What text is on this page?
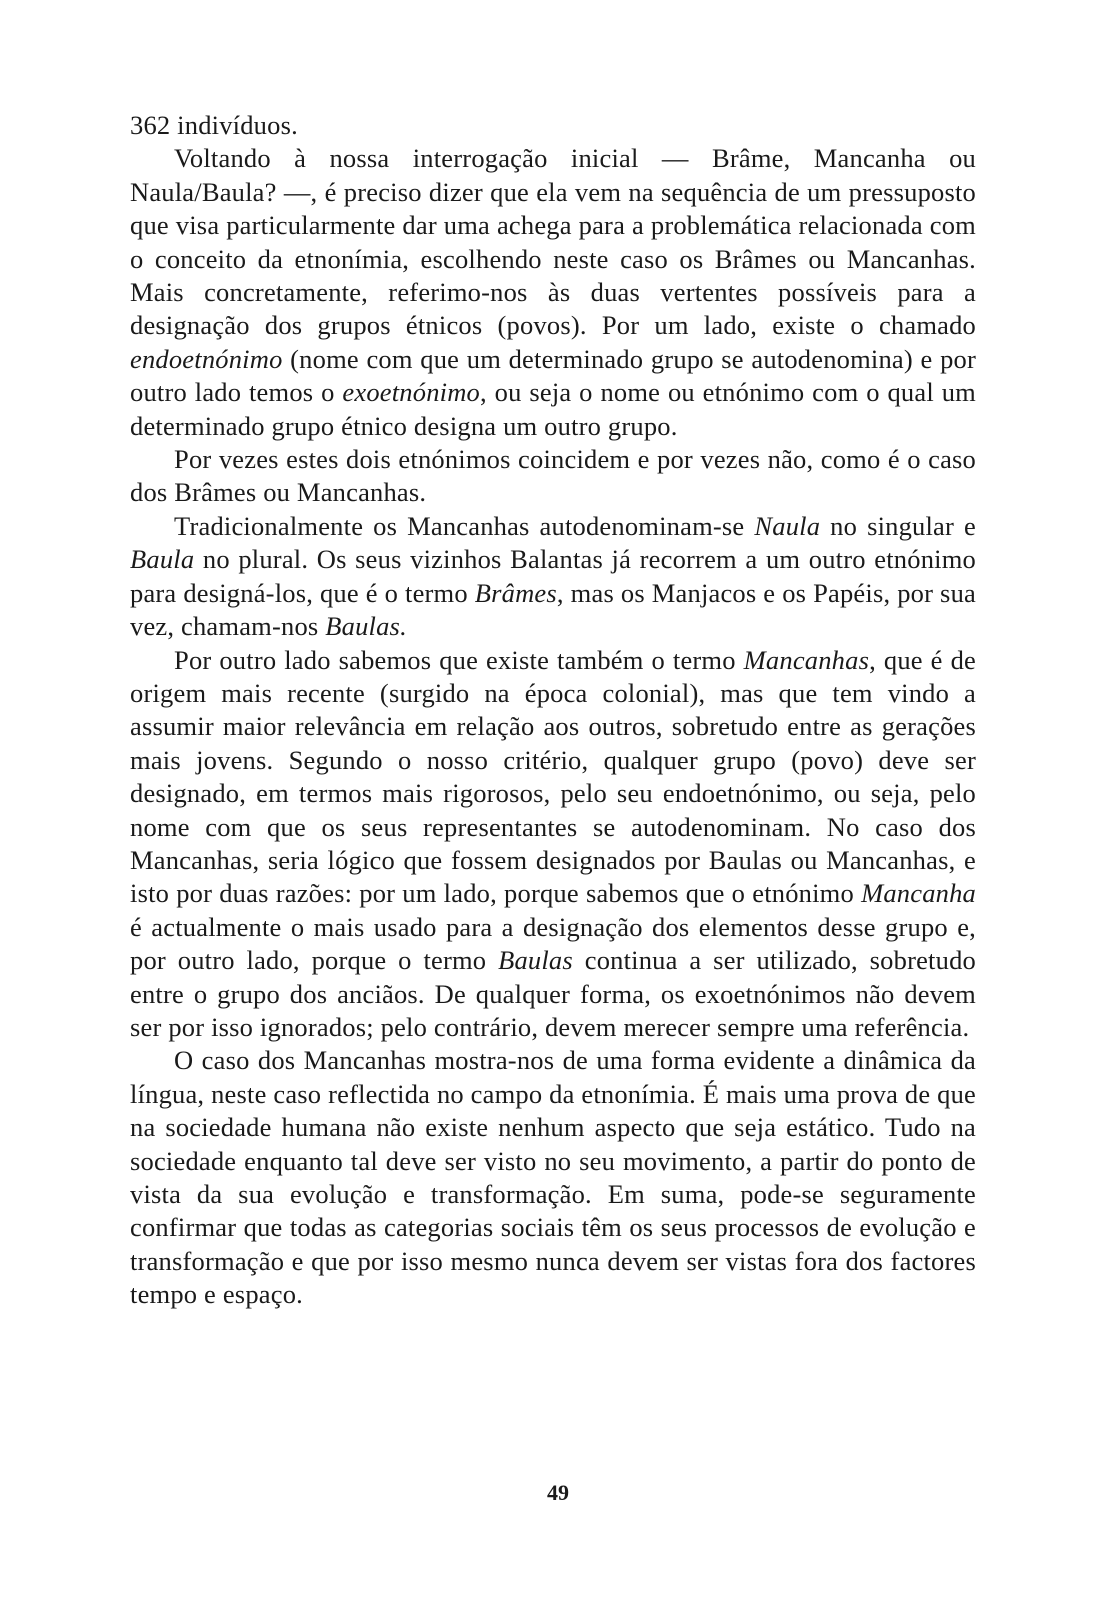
362 indivíduos.

Voltando à nossa interrogação inicial — Brâme, Mancanha ou Naula/Baula? —, é preciso dizer que ela vem na sequência de um pressuposto que visa particularmente dar uma achega para a problemática relacionada com o conceito da etnonímia, escolhendo neste caso os Brâmes ou Mancanhas. Mais concretamente, referimo-nos às duas vertentes possíveis para a designação dos grupos étnicos (povos). Por um lado, existe o chamado endoetnónimo (nome com que um determinado grupo se autodenomina) e por outro lado temos o exoetnónimo, ou seja o nome ou etnónimo com o qual um determinado grupo étnico designa um outro grupo.

Por vezes estes dois etnónimos coincidem e por vezes não, como é o caso dos Brâmes ou Mancanhas.

Tradicionalmente os Mancanhas autodenominam-se Naula no singular e Baula no plural. Os seus vizinhos Balantas já recorrem a um outro etnónimo para designá-los, que é o termo Brâmes, mas os Manjacos e os Papéis, por sua vez, chamam-nos Baulas.

Por outro lado sabemos que existe também o termo Mancanhas, que é de origem mais recente (surgido na época colonial), mas que tem vindo a assumir maior relevância em relação aos outros, sobretudo entre as gerações mais jovens. Segundo o nosso critério, qualquer grupo (povo) deve ser designado, em termos mais rigorosos, pelo seu endoetnónimo, ou seja, pelo nome com que os seus representantes se autodenominam. No caso dos Mancanhas, seria lógico que fossem designados por Baulas ou Mancanhas, e isto por duas razões: por um lado, porque sabemos que o etnónimo Mancanha é actualmente o mais usado para a designação dos elementos desse grupo e, por outro lado, porque o termo Baulas continua a ser utilizado, sobretudo entre o grupo dos anciãos. De qualquer forma, os exoetnónimos não devem ser por isso ignorados; pelo contrário, devem merecer sempre uma referência.

O caso dos Mancanhas mostra-nos de uma forma evidente a dinâmica da língua, neste caso reflectida no campo da etnonímia. É mais uma prova de que na sociedade humana não existe nenhum aspecto que seja estático. Tudo na sociedade enquanto tal deve ser visto no seu movimento, a partir do ponto de vista da sua evolução e transformação. Em suma, pode-se seguramente confirmar que todas as categorias sociais têm os seus processos de evolução e transformação e que por isso mesmo nunca devem ser vistas fora dos factores tempo e espaço.

49
